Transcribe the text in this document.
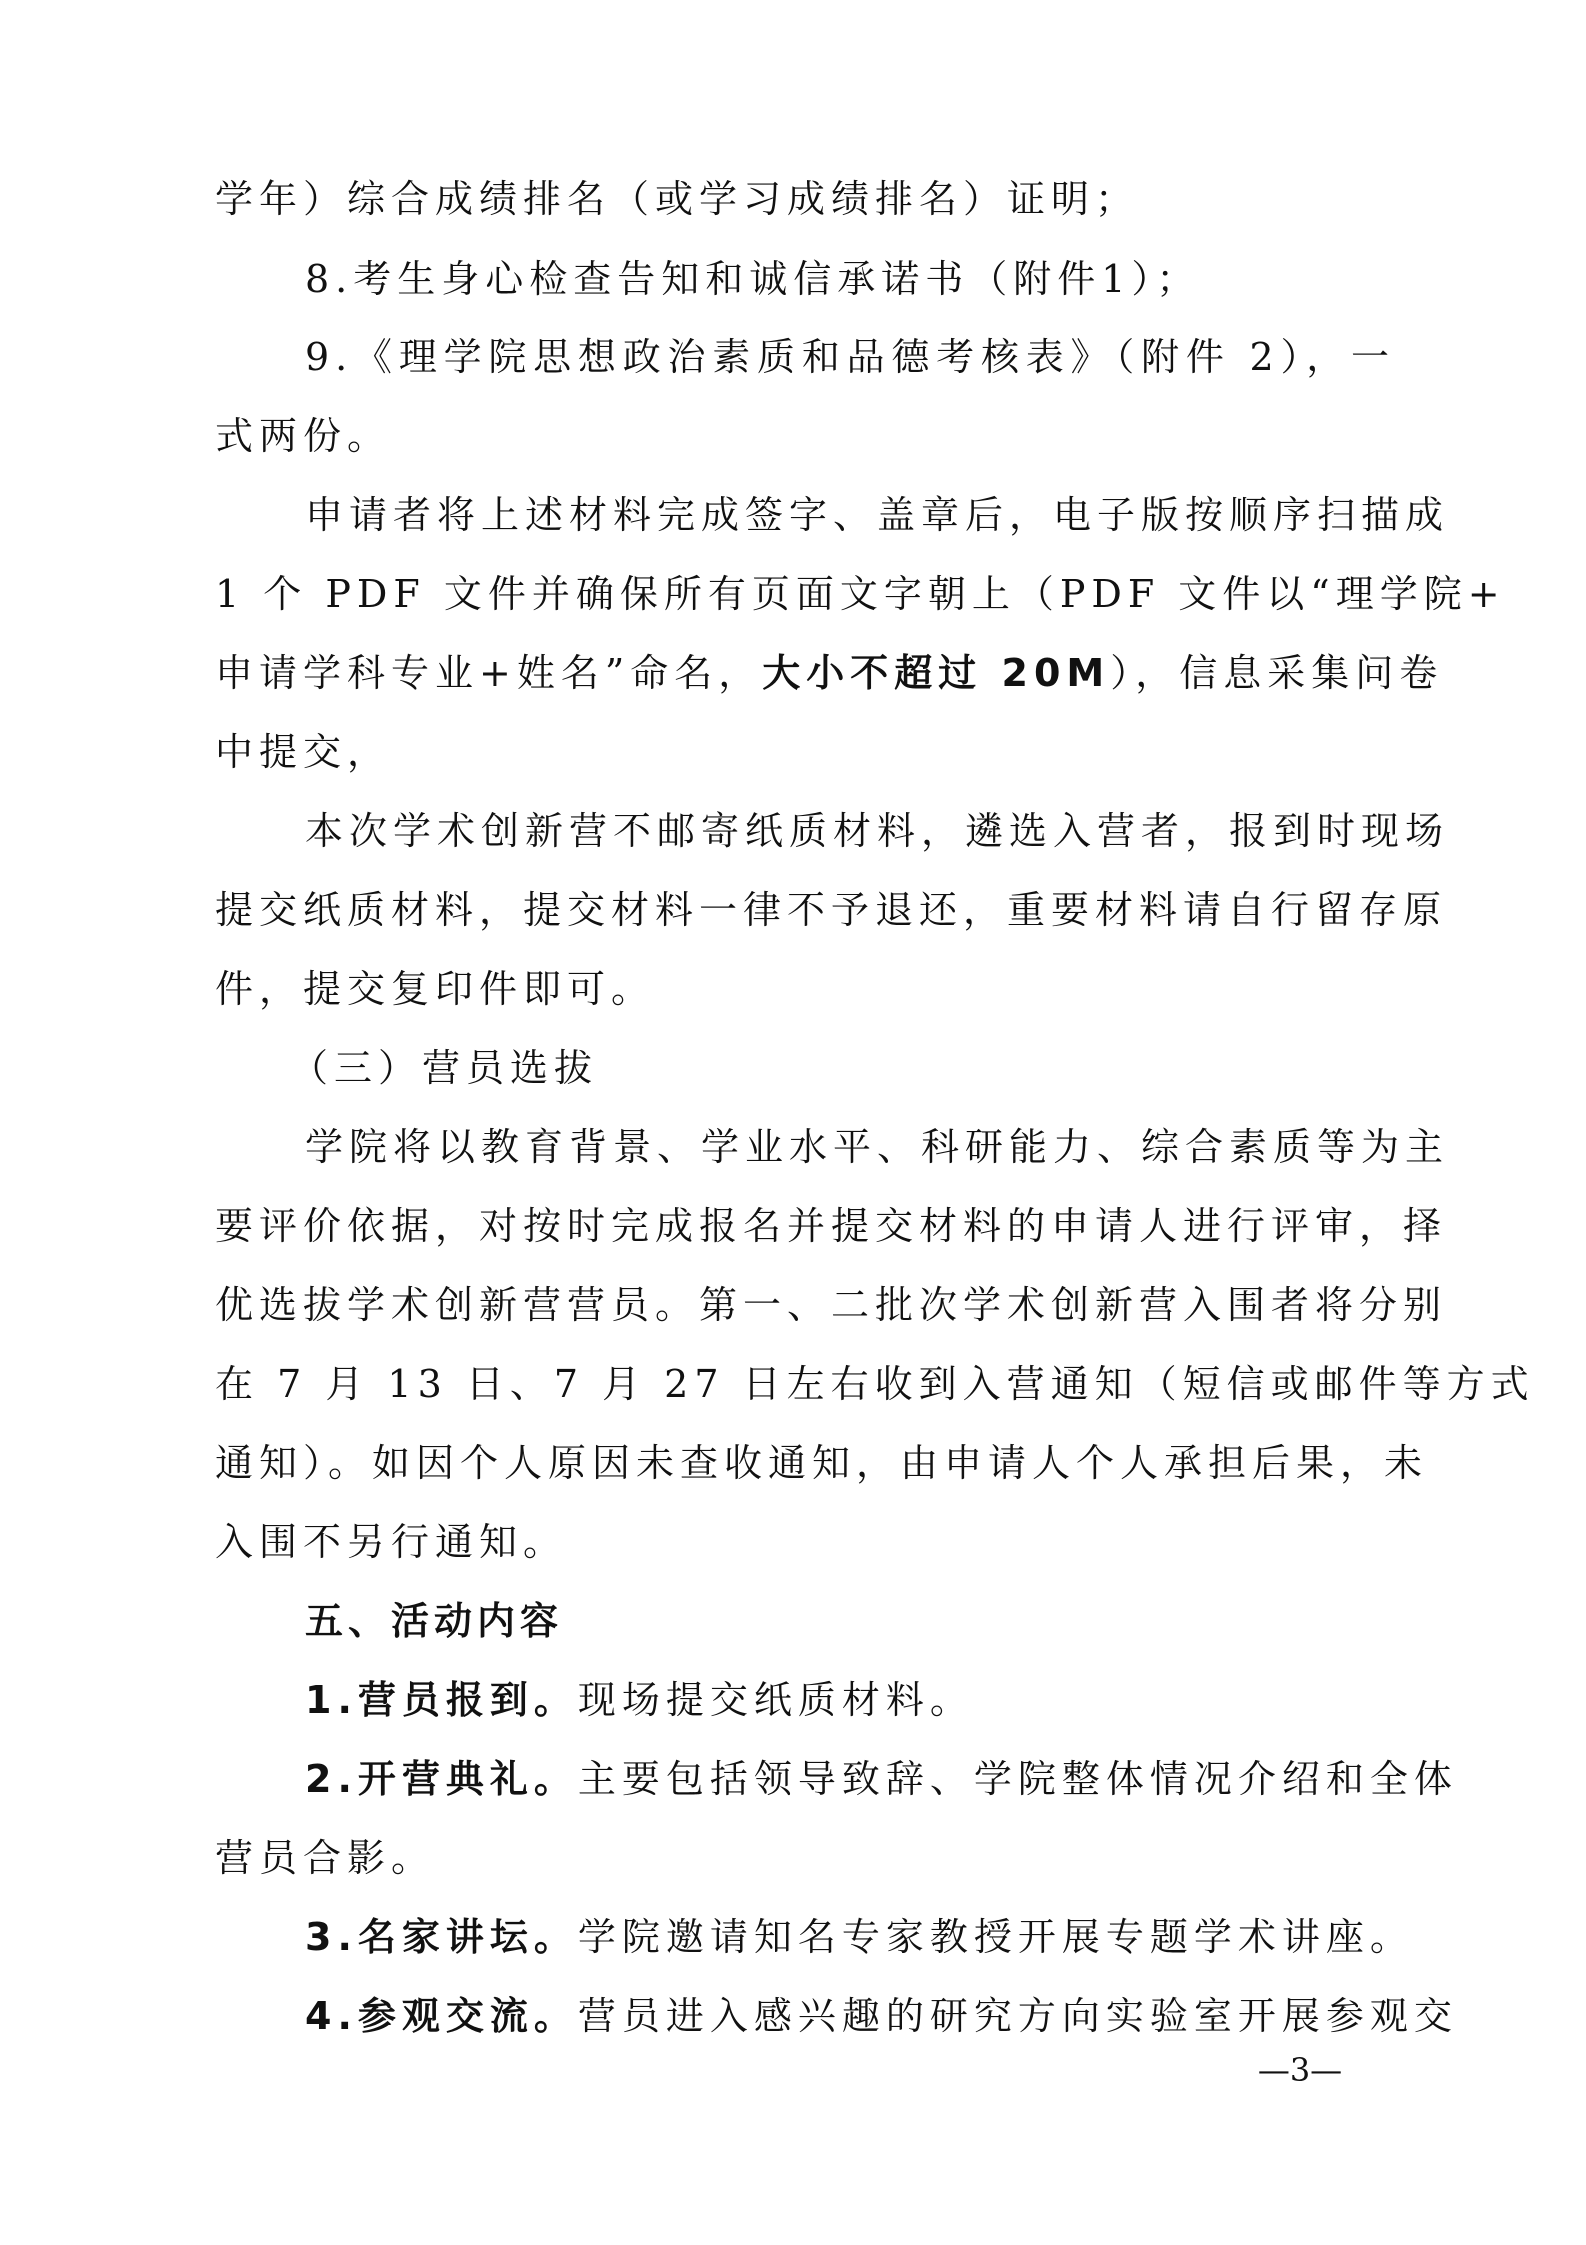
学年）综合成绩排名（或学习成绩排名）证明；
8.考生身心检查告知和诚信承诺书（附件1）；
9.《理学院思想政治素质和品德考核表》（附件 2），一
式两份。
申请者将上述材料完成签字、盖章后，电子版按顺序扫描成
1 个 PDF 文件并确保所有页面文字朝上（PDF 文件以“理学院+
申请学科专业+姓名”命名，大小不超过 20M），信息采集问卷
中提交，
本次学术创新营不邮寄纸质材料，遴选入营者，报到时现场
提交纸质材料，提交材料一律不予退还，重要材料请自行留存原
件，提交复印件即可。
（三）营员选拔
学院将以教育背景、学业水平、科研能力、综合素质等为主
要评价依据，对按时完成报名并提交材料的申请人进行评审，择
优选拔学术创新营营员。第一、二批次学术创新营入围者将分别
在 7 月 13 日、7 月 27 日左右收到入营通知（短信或邮件等方式
通知）。如因个人原因未查收通知，由申请人个人承担后果，未
入围不另行通知。
五、活动内容
1.营员报到。现场提交纸质材料。
2.开营典礼。主要包括领导致辞、学院整体情况介绍和全体
营员合影。
3.名家讲坛。学院邀请知名专家教授开展专题学术讲座。
4.参观交流。营员进入感兴趣的研究方向实验室开展参观交
—3—
